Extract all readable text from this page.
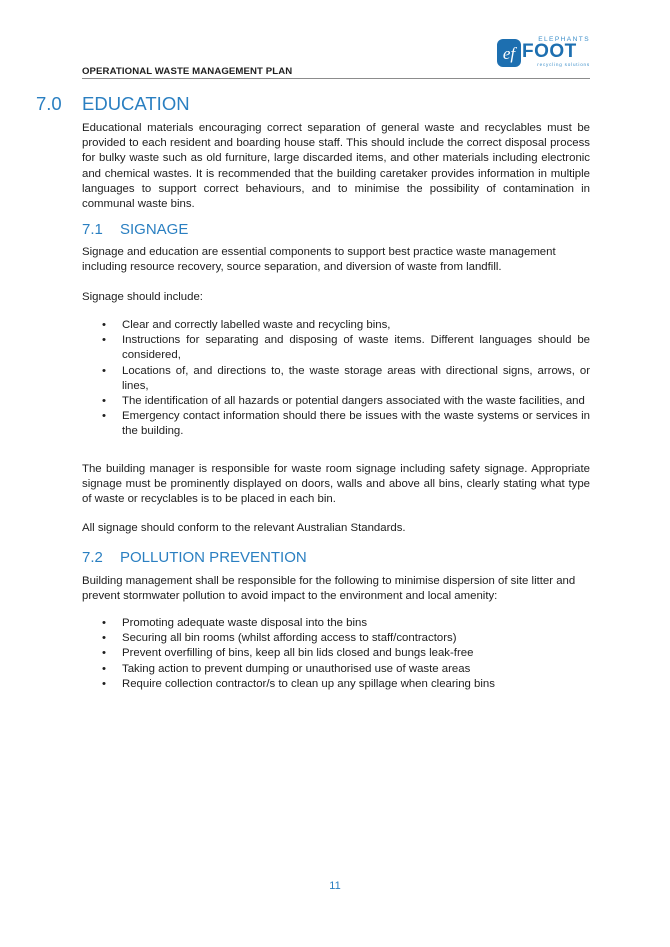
OPERATIONAL WASTE MANAGEMENT PLAN
ef
ELEPHANTS
FOOT
recycling solutions
7.0 EDUCATION

Educational materials encouraging correct separation of general waste and recyclables must be provided to each resident and boarding house staff. This should include the correct disposal process for bulky waste such as old furniture, large discarded items, and other materials including electronic and chemical wastes. It is recommended that the building caretaker provides information in multiple languages to support correct behaviours, and to minimise the possibility of contamination in communal waste bins.

7.1 SIGNAGE

Signage and education are essential components to support best practice waste management including resource recovery, source separation, and diversion of waste from landfill.

Signage should include:

• Clear and correctly labelled waste and recycling bins,
• Instructions for separating and disposing of waste items. Different languages should be considered,
• Locations of, and directions to, the waste storage areas with directional signs, arrows, or lines,
• The identification of all hazards or potential dangers associated with the waste facilities, and
• Emergency contact information should there be issues with the waste systems or services in the building.

The building manager is responsible for waste room signage including safety signage. Appropriate signage must be prominently displayed on doors, walls and above all bins, clearly stating what type of waste or recyclables is to be placed in each bin.

All signage should conform to the relevant Australian Standards.

7.2 POLLUTION PREVENTION

Building management shall be responsible for the following to minimise dispersion of site litter and prevent stormwater pollution to avoid impact to the environment and local amenity:

• Promoting adequate waste disposal into the bins
• Securing all bin rooms (whilst affording access to staff/contractors)
• Prevent overfilling of bins, keep all bin lids closed and bungs leak-free
• Taking action to prevent dumping or unauthorised use of waste areas
• Require collection contractor/s to clean up any spillage when clearing bins
11
